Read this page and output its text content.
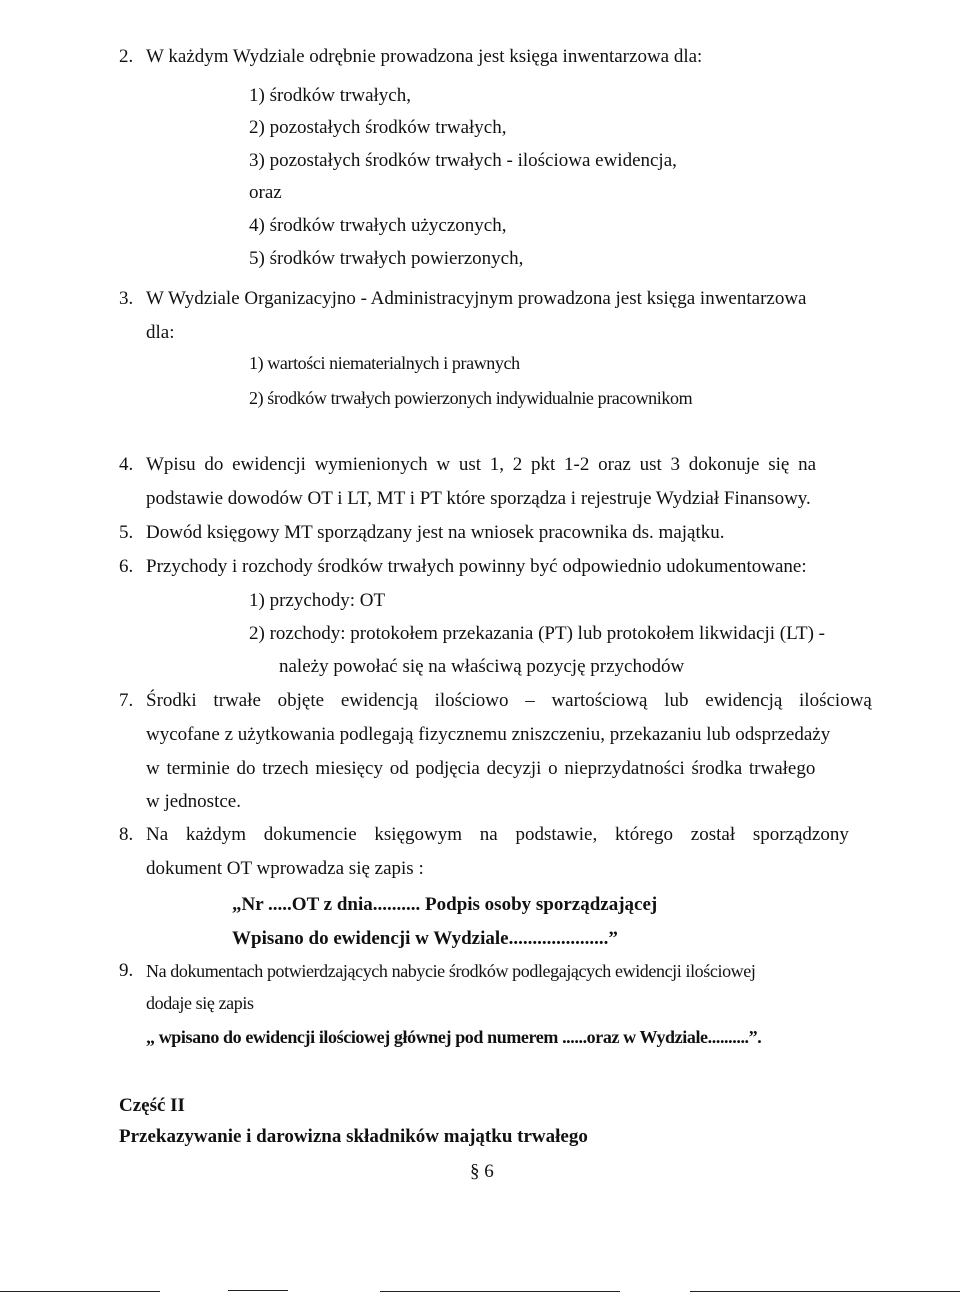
2. W każdym Wydziale odrębnie prowadzona jest księga inwentarzowa dla:
1) środków trwałych,
2) pozostałych środków trwałych,
3) pozostałych środków trwałych - ilościowa ewidencja,
oraz
4) środków trwałych użyczonych,
5) środków trwałych powierzonych,
3. W Wydziale Organizacyjno - Administracyjnym prowadzona jest księga inwentarzowa
dla:
1) wartości niematerialnych i prawnych
2) środków trwałych powierzonych indywidualnie pracownikom
4. Wpisu do ewidencji wymienionych w ust 1, 2 pkt 1-2 oraz ust 3 dokonuje się na
podstawie dowodów OT i LT, MT i PT które sporządza i rejestruje Wydział Finansowy.
5. Dowód księgowy MT sporządzany jest na wniosek pracownika ds. majątku.
6. Przychody i rozchody środków trwałych powinny być odpowiednio udokumentowane:
1) przychody: OT
2) rozchody: protokołem przekazania (PT) lub protokołem likwidacji (LT) -
należy powołać się na właściwą pozycję przychodów
7. Środki trwałe objęte ewidencją ilościowo – wartościową lub ewidencją ilościową
wycofane z użytkowania podlegają fizycznemu zniszczeniu, przekazaniu lub odsprzedaży
w terminie do trzech miesięcy od podjęcia decyzji o nieprzydatności środka trwałego
w jednostce.
8. Na każdym dokumencie księgowym na podstawie, którego został sporządzony
dokument OT wprowadza się zapis :
„Nr .....OT z dnia.......... Podpis osoby sporządzającej
Wpisano do ewidencji w Wydziale.....................”
9. Na dokumentach potwierdzających nabycie środków podlegających ewidencji ilościowej
dodaje się zapis
„ wpisano do ewidencji ilościowej głównej pod numerem ......oraz w Wydziale..........”.
Część II
Przekazywanie i darowizna składników majątku trwałego
§ 6
